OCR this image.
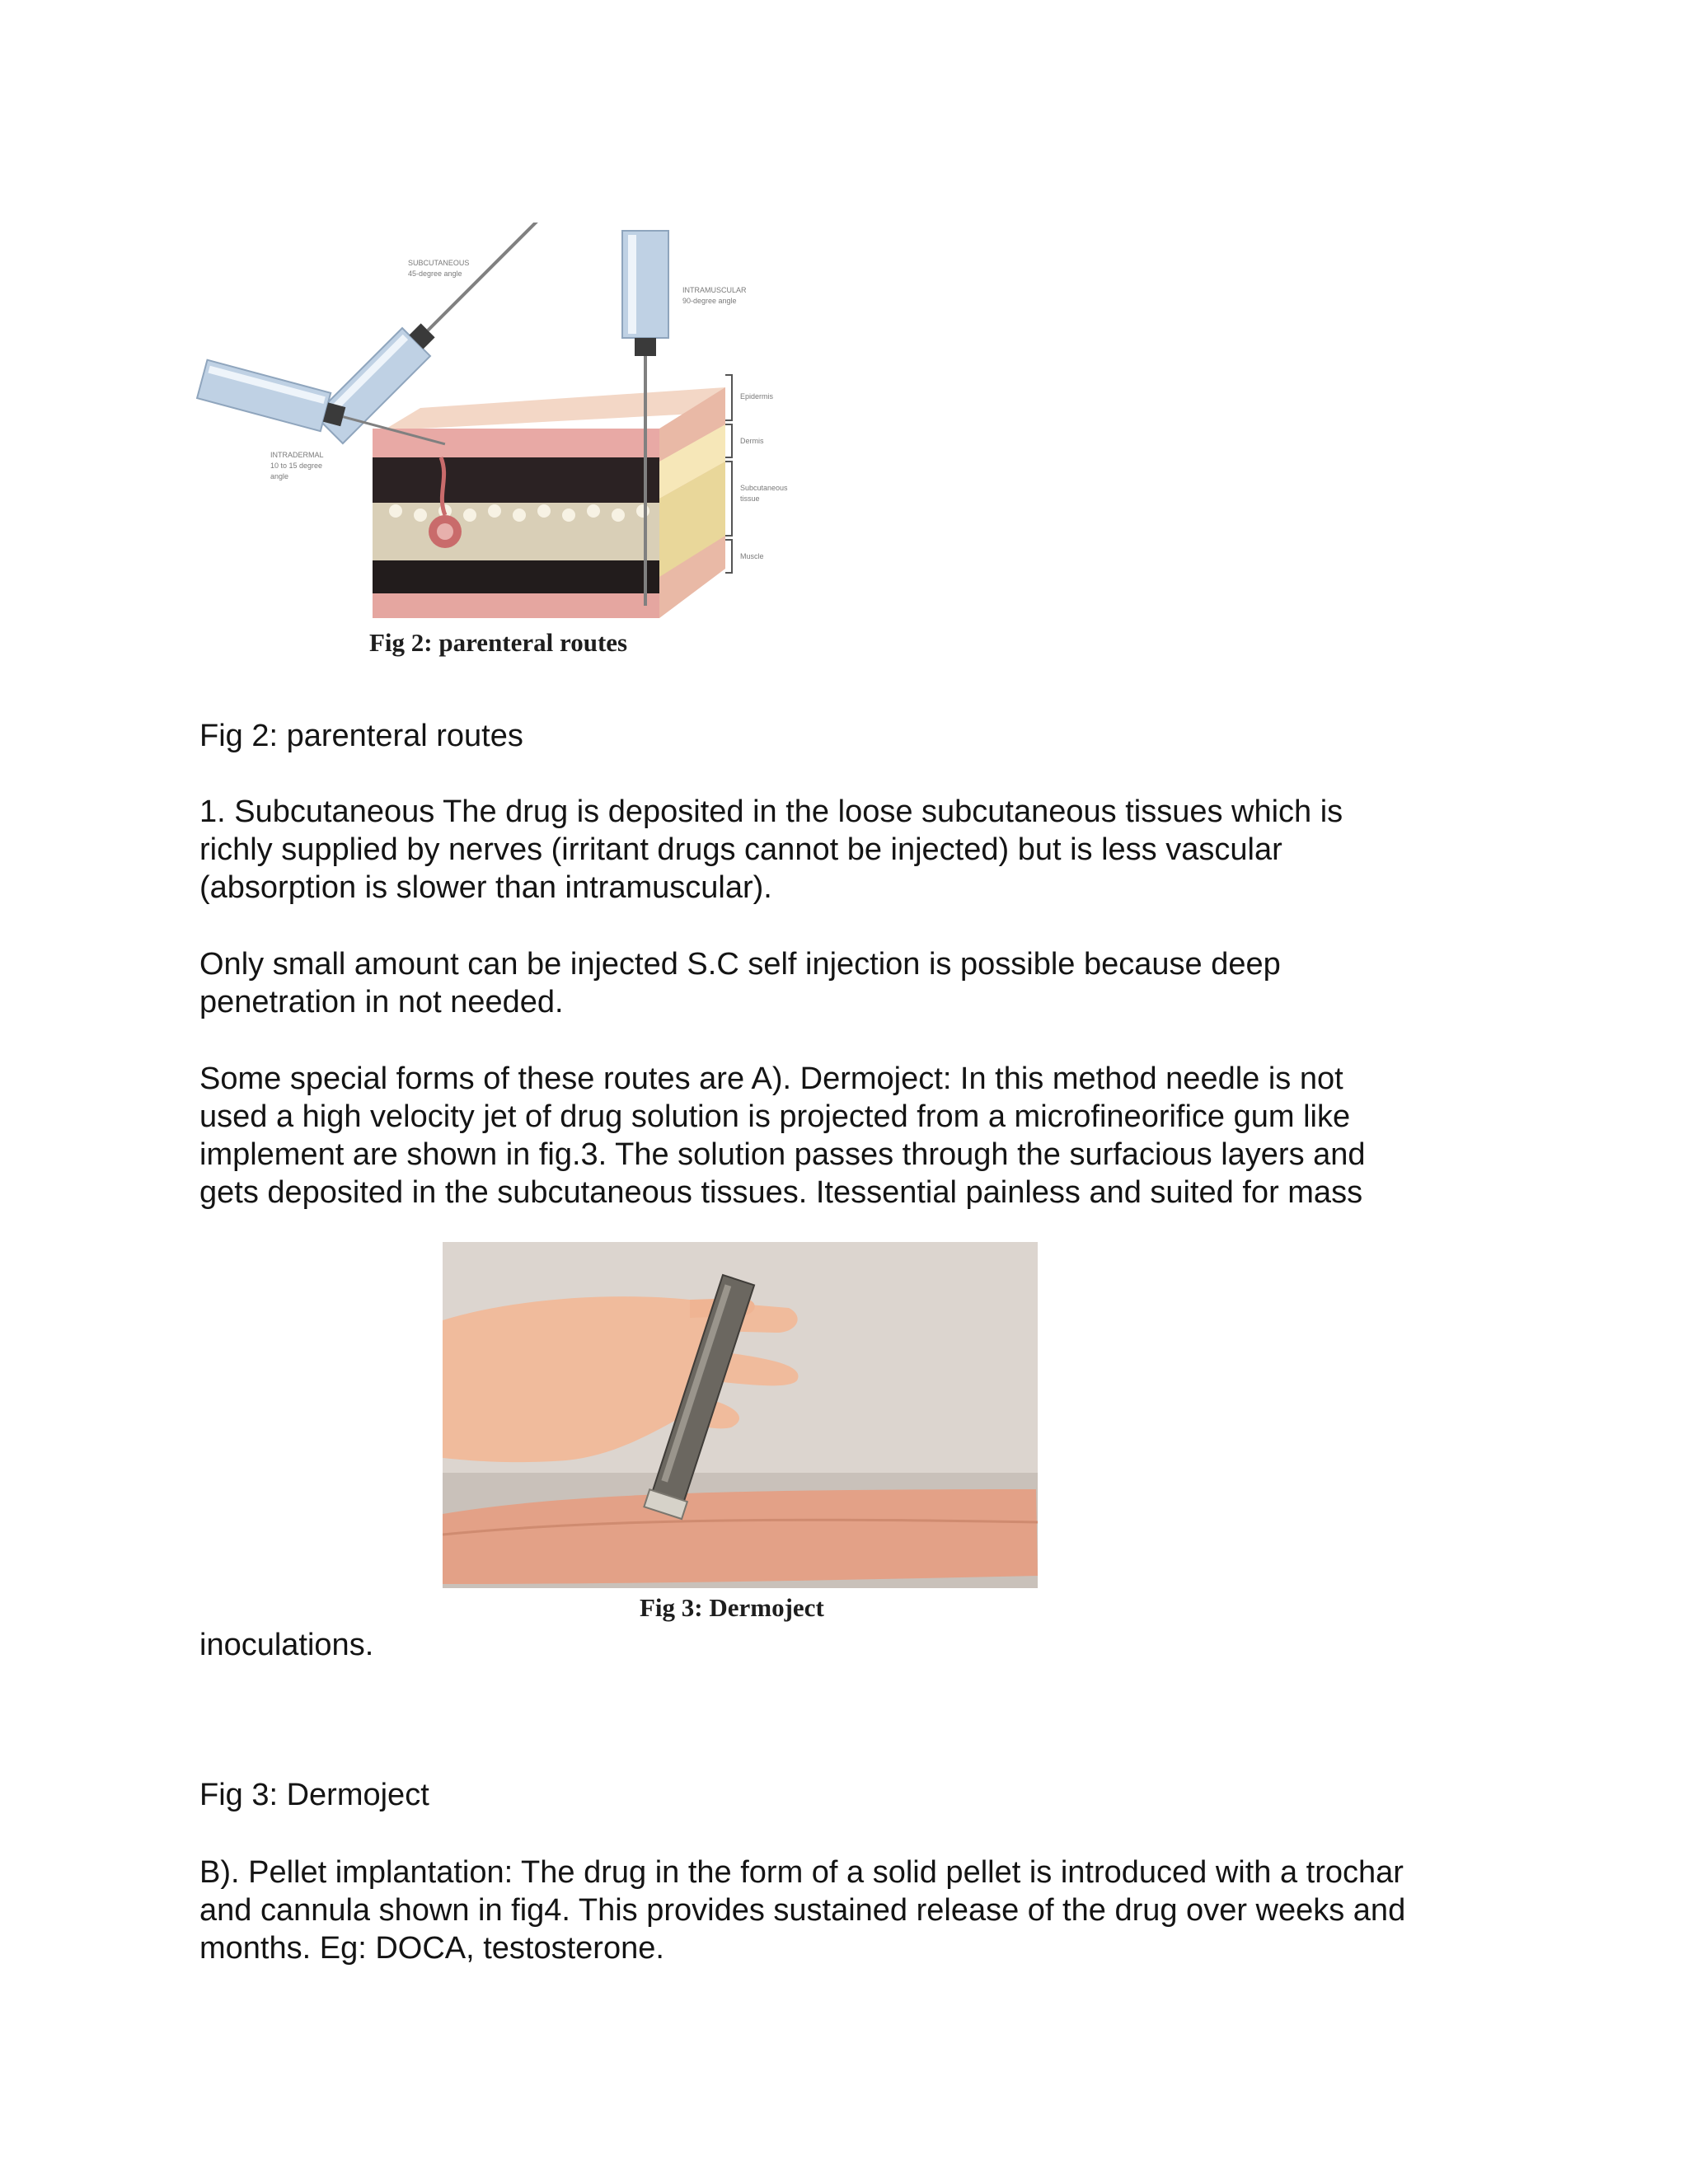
SUBCUTANEOUS
45-degree angle
INTRAMUSCULAR
90-degree angle
INTRADERMAL
10 to 15 degree
angle
Epidermis
Dermis
Subcutaneous
tissue
Muscle
Fig 2: parenteral routes
Fig 2: parenteral routes
1. Subcutaneous The drug is deposited in the loose subcutaneous tissues which is
richly supplied by nerves (irritant drugs cannot be injected) but is less vascular
(absorption is slower than intramuscular).
Only small amount can be injected S.C self injection is possible because deep
penetration in not needed.
Some special forms of these routes are A). Dermoject: In this method needle is not
used a high velocity jet of drug solution is projected from a microfineorifice gum like
implement are shown in fig.3. The solution passes through the surfacious layers and
gets deposited in the subcutaneous tissues. Itessential painless and suited for mass
Fig 3: Dermoject
inoculations.
Fig 3: Dermoject
B). Pellet implantation: The drug in the form of a solid pellet is introduced with a trochar
and cannula shown in fig4. This provides sustained release of the drug over weeks and
months. Eg: DOCA, testosterone.
